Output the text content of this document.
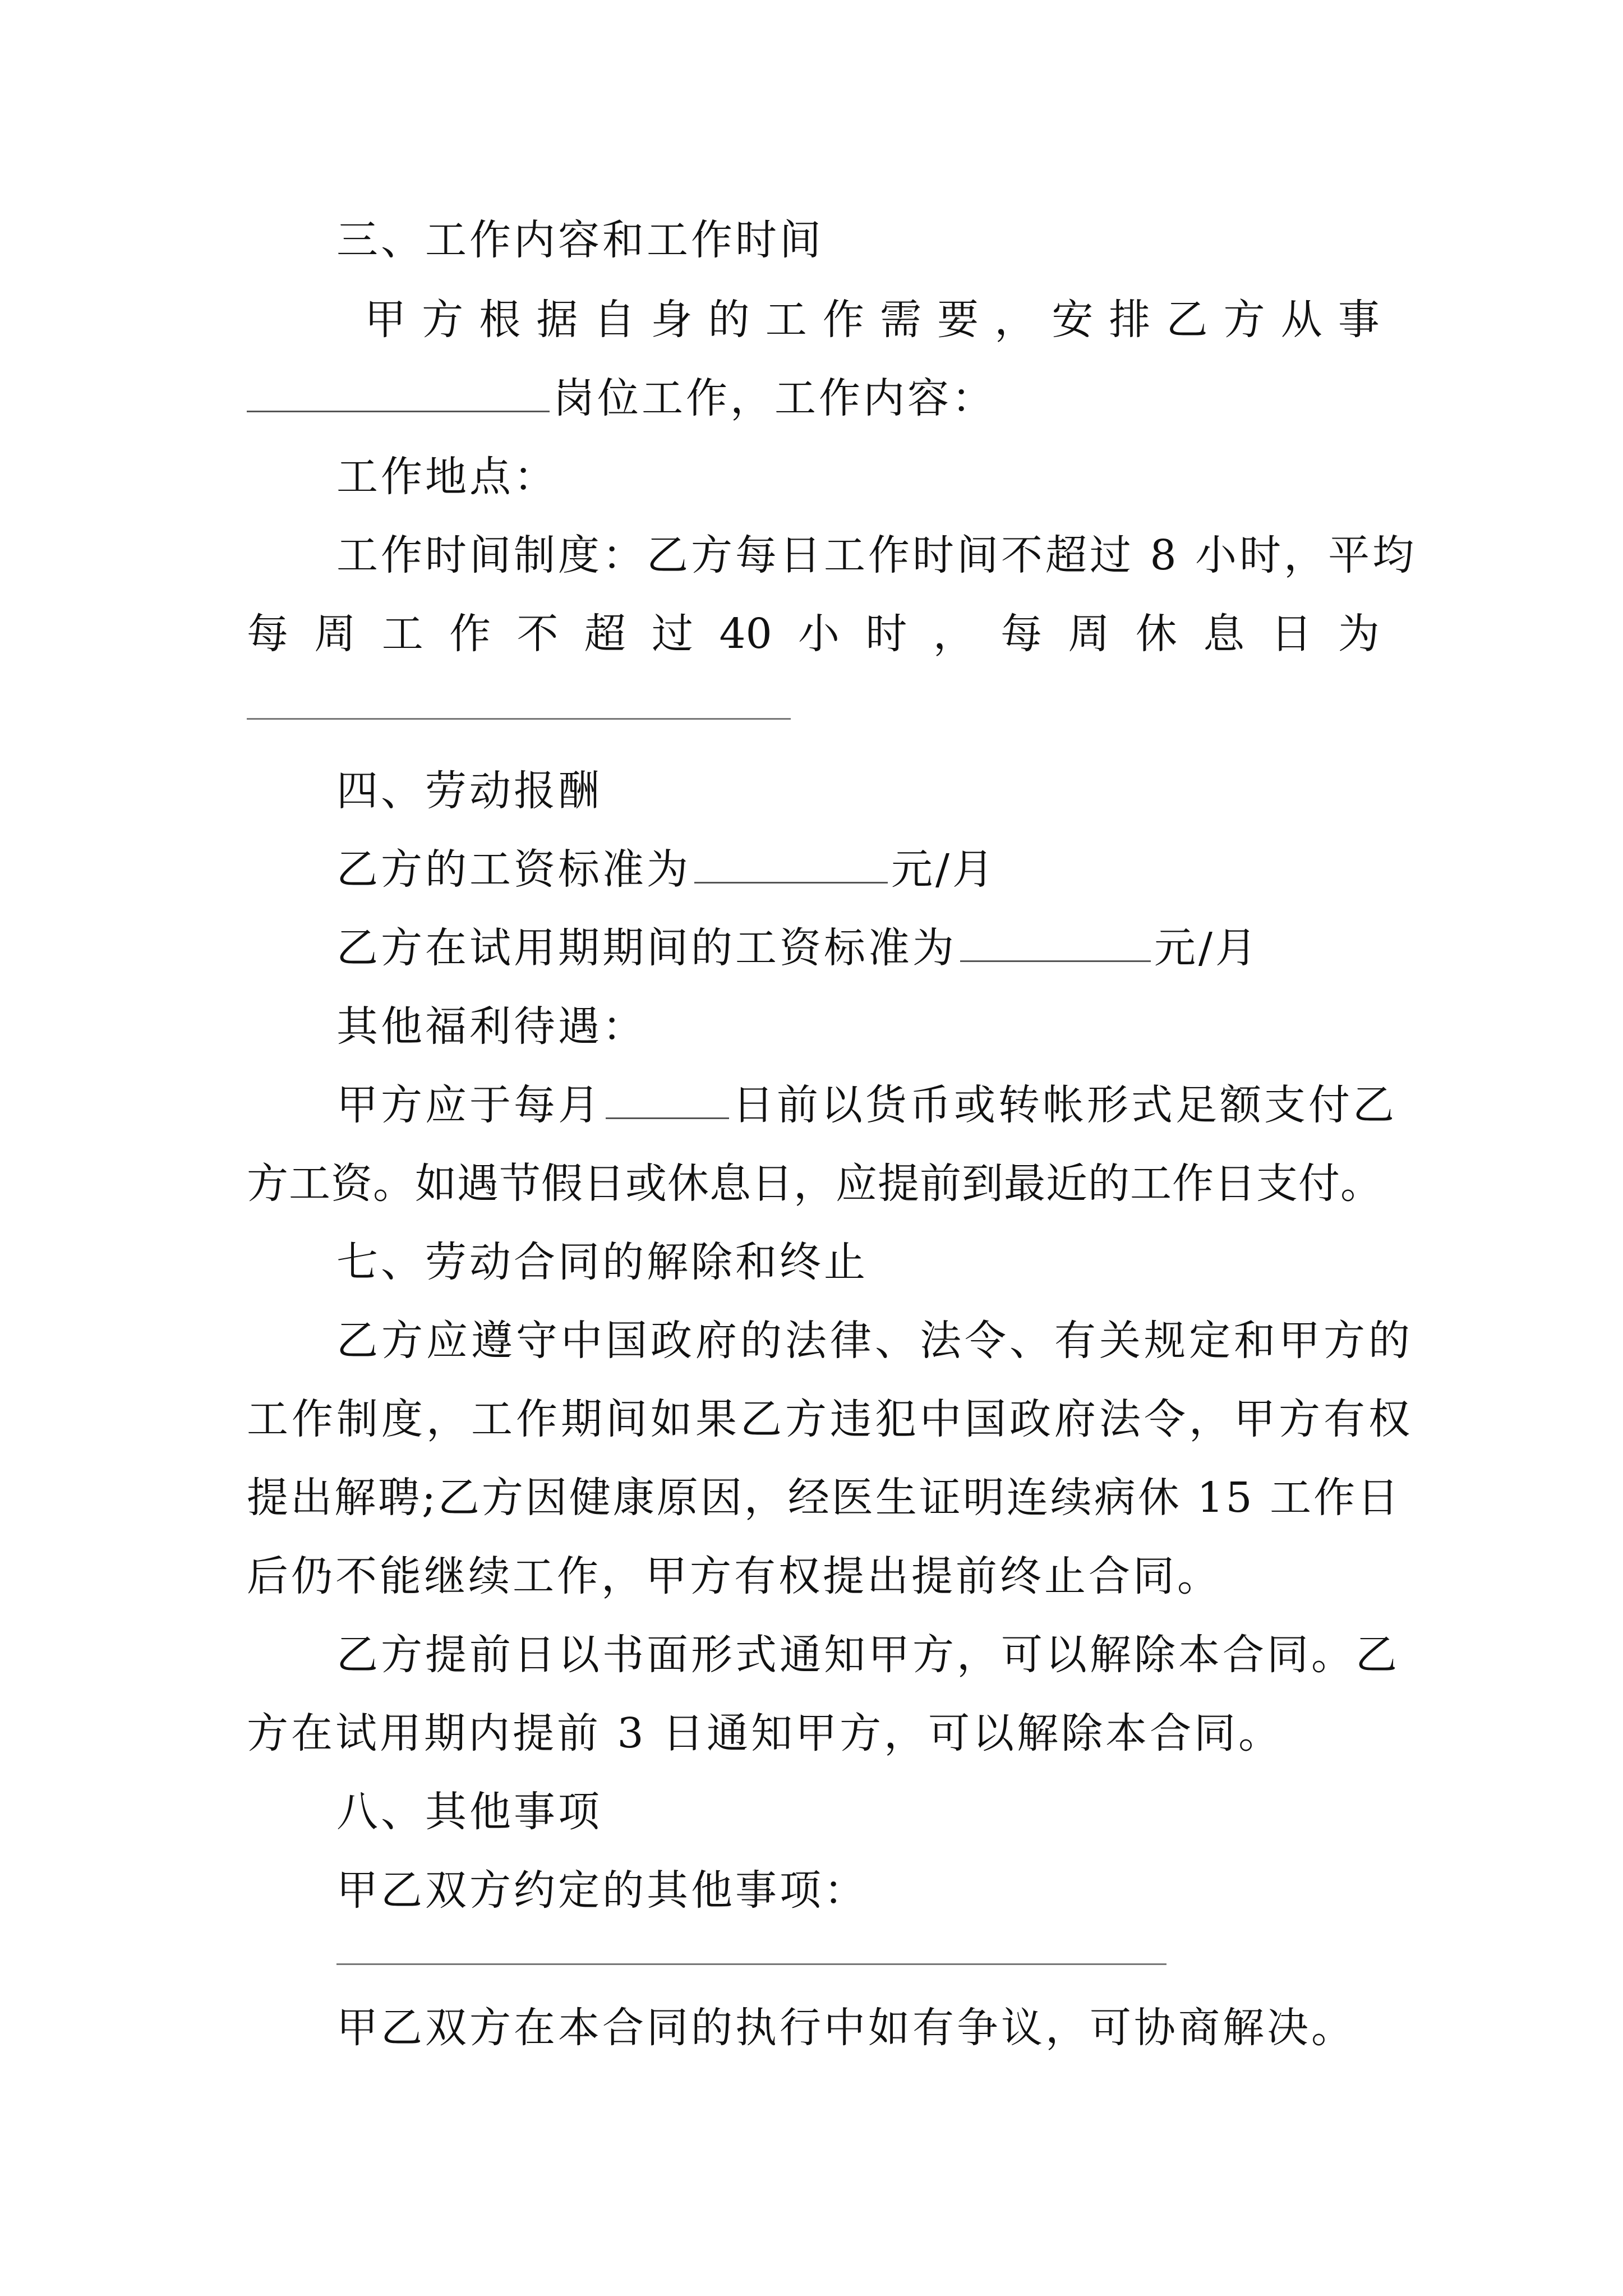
三、工作内容和工作时间
甲 方 根 据 自 身 的 工 作 需 要 ， 安 排 乙 方 从 事
岗位工作，工作内容：
工作地点：
工作时间制度：乙方每日工作时间不超过 8 小时，平均
每 周 工 作 不 超 过 40 小 时 ， 每 周 休 息 日 为
四、劳动报酬
乙方的工资标准为	元/月
乙方在试用期期间的工资标准为	元/月
其他福利待遇：
甲方应于每月	日前以货币或转帐形式足额支付乙
方工资。如遇节假日或休息日，应提前到最近的工作日支付。
七、劳动合同的解除和终止
乙方应遵守中国政府的法律、法令、有关规定和甲方的
工作制度，工作期间如果乙方违犯中国政府法令，甲方有权
提出解聘;乙方因健康原因，经医生证明连续病休 15 工作日
后仍不能继续工作，甲方有权提出提前终止合同。
乙方提前日以书面形式通知甲方，可以解除本合同。乙
方在试用期内提前 3 日通知甲方，可以解除本合同。
八、其他事项
甲乙双方约定的其他事项：
甲乙双方在本合同的执行中如有争议，可协商解决。
